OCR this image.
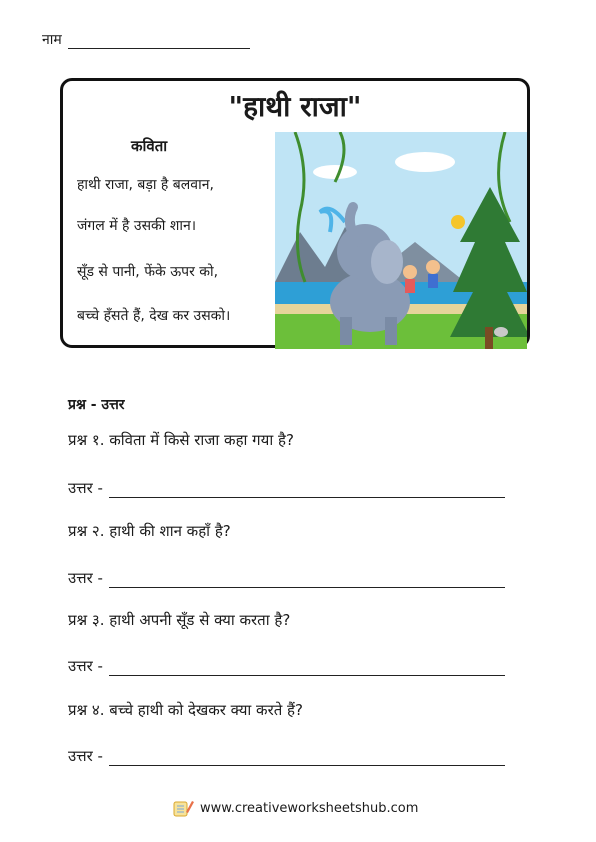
नाम
"हाथी राजा"
कविता
हाथी राजा, बड़ा है बलवान,
जंगल में है उसकी शान।
सूँड से पानी, फेंके ऊपर को,
बच्चे हँसते हैं, देख कर उसको।
प्रश्न - उत्तर
प्रश्न १. कविता में किसे राजा कहा गया है?
उत्तर -
प्रश्न २. हाथी की शान कहाँ है?
उत्तर -
प्रश्न ३. हाथी अपनी सूँड से क्या करता है?
उत्तर -
प्रश्न ४. बच्चे हाथी को देखकर क्या करते हैं?
उत्तर -
www.creativeworksheetshub.com
